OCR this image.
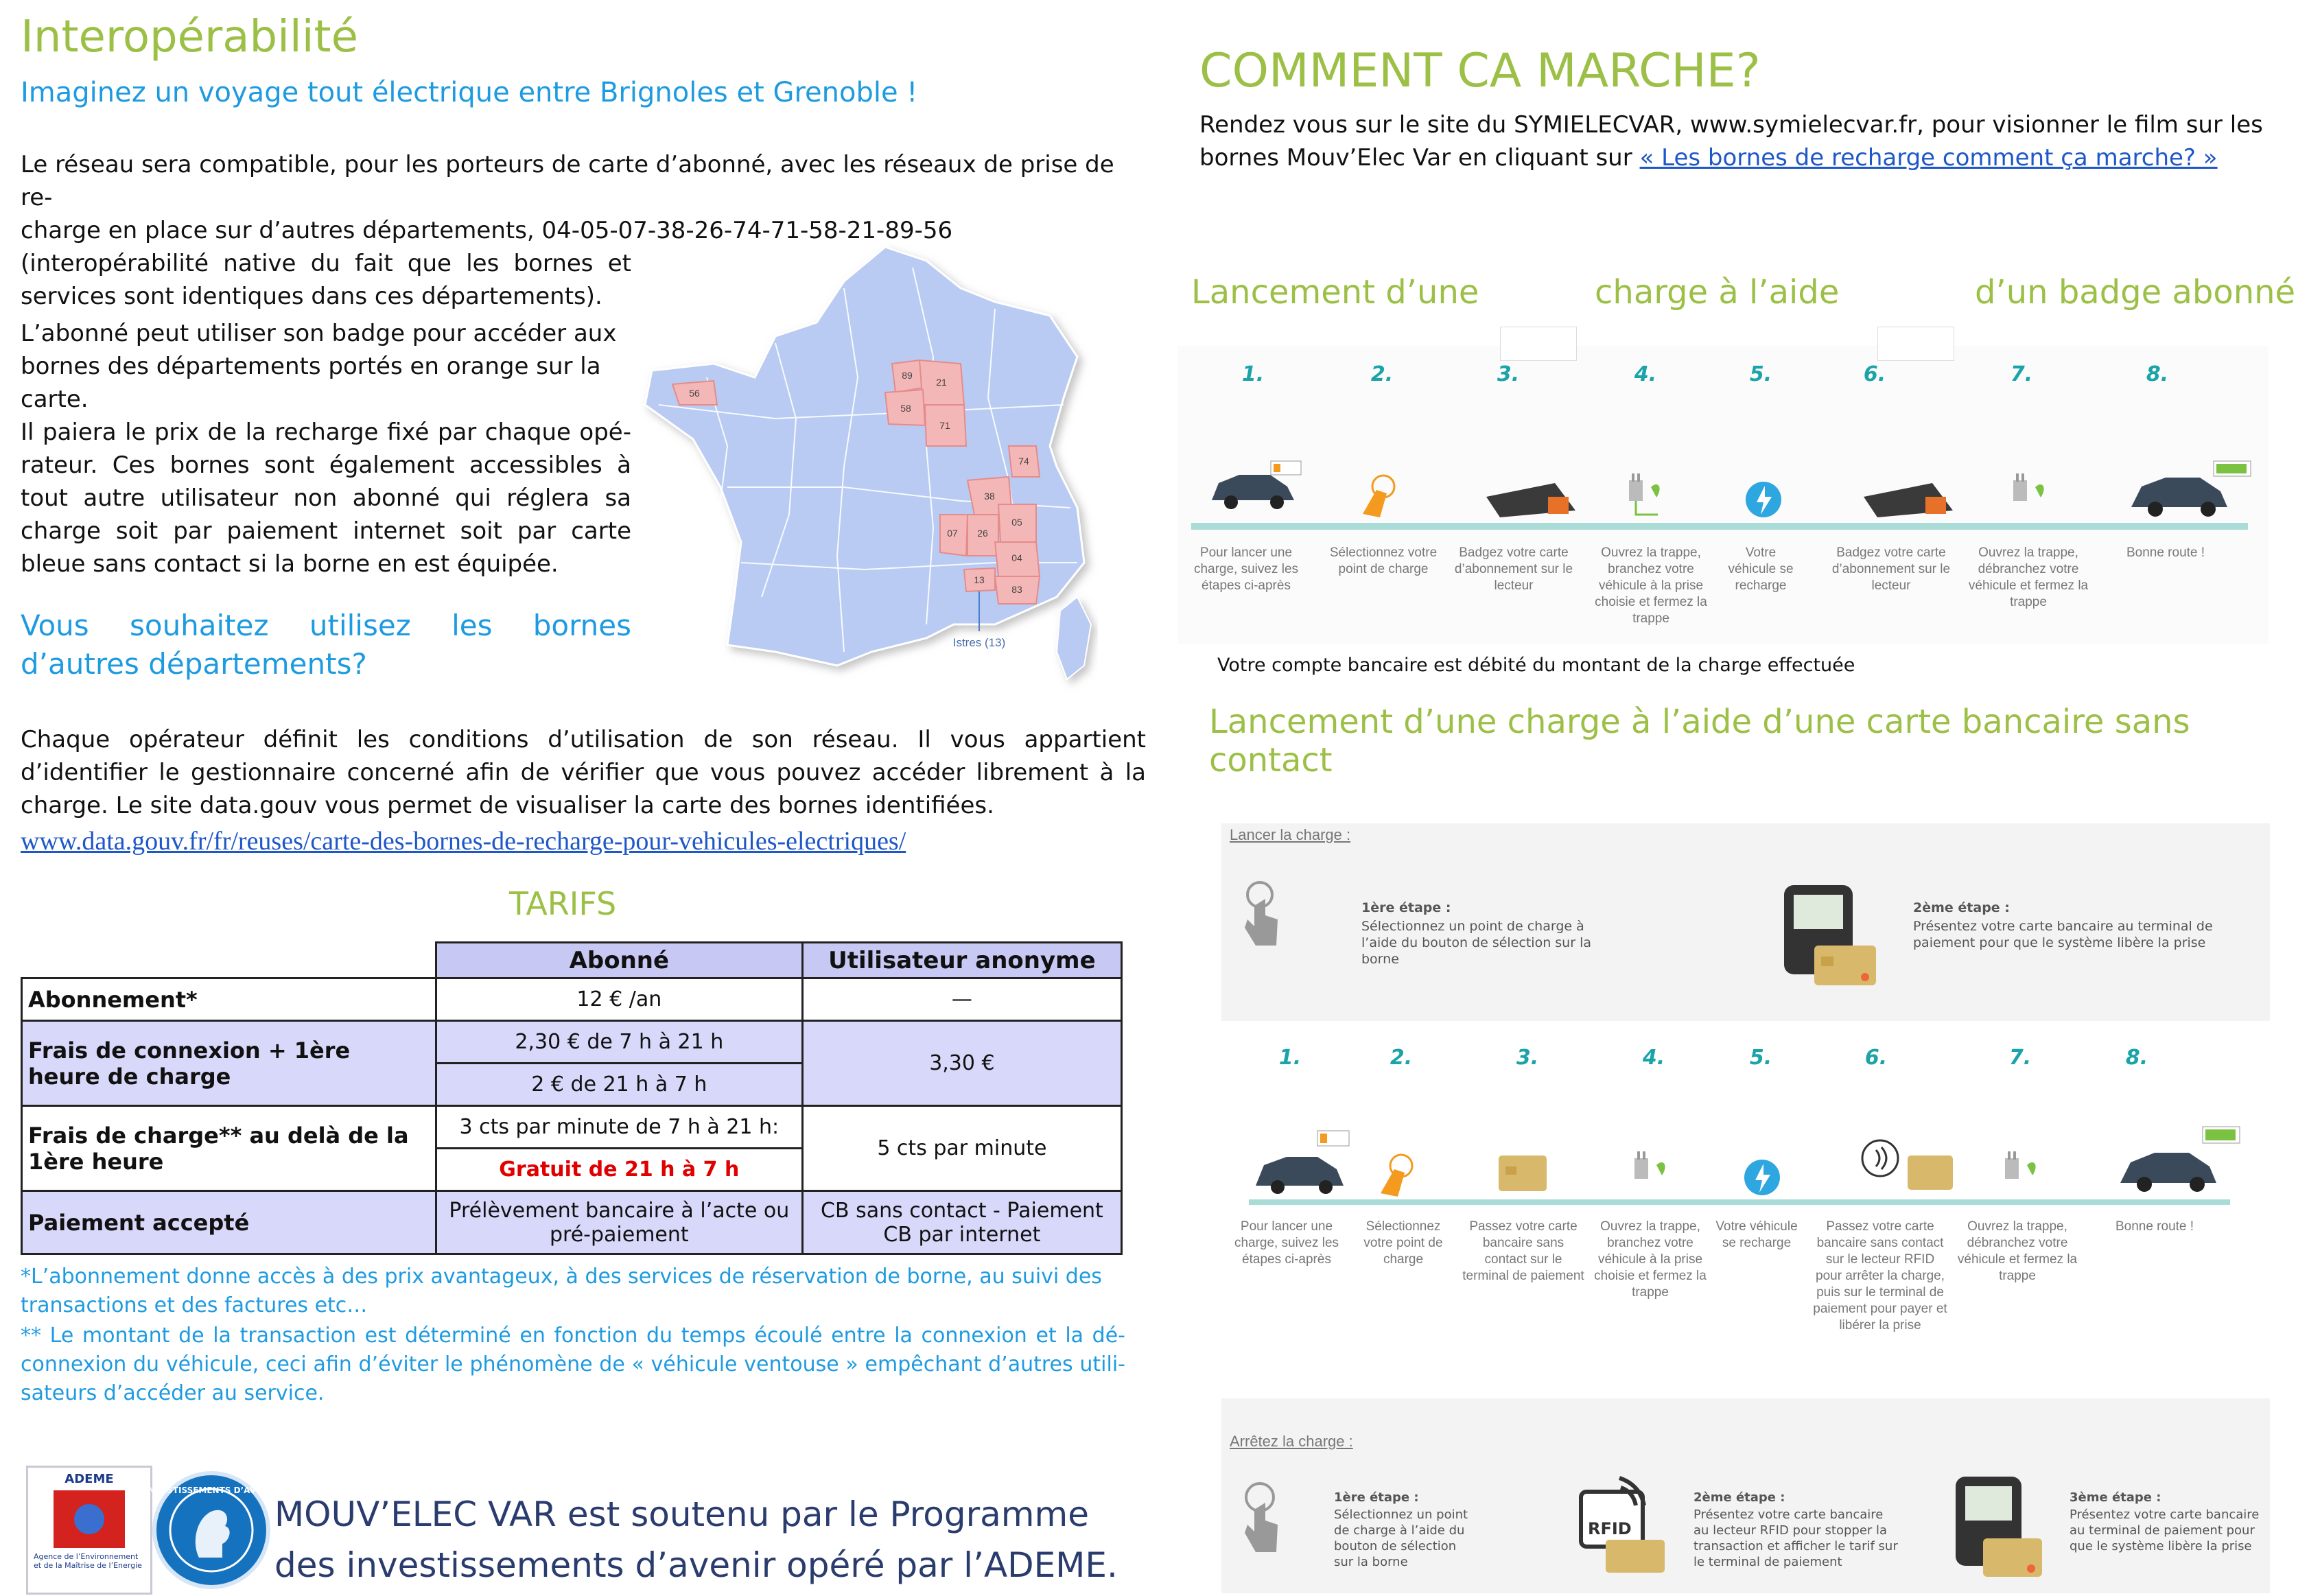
Interopérabilité
Imaginez un voyage tout électrique entre Brignoles et Grenoble !
Le réseau sera compatible, pour les porteurs de carte d’abonné, avec les réseaux de prise de re-
charge en place sur d’autres départements, 04-05-07-38-26-74-71-58-21-89-56
(interopérabilité native du fait que les bornes et
services sont identiques dans ces départements).
L’abonné peut utiliser son badge pour accéder aux
bornes des départements portés en orange sur la
carte.
Il paiera le prix de la recharge fixé par chaque opé-rateur. Ces bornes sont également accessibles à tout autre utilisateur non abonné qui réglera sa charge soit par paiement internet soit par carte bleue sans contact si la borne en est équipée.
Vous souhaitez utilisez les bornes d’autres départements?
56
89
21
58
71
74
38
07 26
05
04
13
83
Istres (13)
Chaque opérateur définit les conditions d’utilisation de son réseau. Il vous appartient d’identifier le gestionnaire concerné afin de vérifier que vous pouvez accéder librement à la charge. Le site data.gouv vous permet de visualiser la carte des bornes identifiées.
www.data.gouv.fr/fr/reuses/carte-des-bornes-de-recharge-pour-vehicules-electriques/
TARIFS
	Abonné	Utilisateur anonyme
Abonnement*	12 € /an	—
Frais de connexion + 1ère heure de charge	2,30 € de 7 h à 21 h	3,30 €
	2 € de 21 h à 7 h	
Frais de charge** au delà de la 1ère heure	3 cts par minute de 7 h à 21 h:	5 cts par minute
	Gratuit de 21 h à 7 h	
Paiement accepté	Prélèvement bancaire à l’acte ou pré-paiement	CB sans contact - Paiement CB par internet
*L’abonnement donne accès à des prix avantageux, à des services de réservation de borne, au suivi des transactions et des factures etc…
** Le montant de la transaction est déterminé en fonction du temps écoulé entre la connexion et la dé-connexion du véhicule, ceci afin d’éviter le phénomène de « véhicule ventouse » empêchant d’autres utili-sateurs d’accéder au service.
ADEME
Agence de l’Environnement et de la Maîtrise de l’Energie
INVESTISSEMENTS D’AVENIR
MOUV’ELEC VAR est soutenu par le Programme
des investissements d’avenir opéré par l’ADEME.
COMMENT CA MARCHE?
Rendez vous sur le site du SYMIELECVAR, www.symielecvar.fr, pour visionner le film sur les
bornes Mouv’Elec Var en cliquant sur « Les bornes de recharge comment ça marche? »
Lancement d’une	charge à l’aide	d’un badge abonné
1.	2.	3.	4.	5.	6.	7.	8.
Pour lancer une charge, suivez les étapes ci-après
Sélectionnez votre point de charge
Badgez votre carte d’abonnement sur le lecteur
Ouvrez la trappe, branchez votre véhicule à la prise choisie et fermez la trappe
Votre véhicule se recharge
Badgez votre carte d’abonnement sur le lecteur
Ouvrez la trappe, débranchez votre véhicule et fermez la trappe
Bonne route !
Votre compte bancaire est débité du montant de la charge effectuée
Lancement d’une charge à l’aide d’une carte bancaire sans contact
Lancer la charge :
1ère étape :
Sélectionnez un point de charge à l’aide du bouton de sélection sur la borne
2ème étape :
Présentez votre carte bancaire au terminal de paiement pour que le système libère la prise
1.	2.	3.	4.	5.	6.	7.	8.
Pour lancer une charge, suivez les étapes ci-après
Sélectionnez votre point de charge
Passez votre carte bancaire sans contact sur le terminal de paiement
Ouvrez la trappe, branchez votre véhicule à la prise choisie et fermez la trappe
Votre véhicule se recharge
Passez votre carte bancaire sans contact sur le lecteur RFID pour arrêter la charge, puis sur le terminal de paiement pour payer et libérer la prise
Ouvrez la trappe, débranchez votre véhicule et fermez la trappe
Bonne route !
Arrêtez la charge :
1ère étape :
Sélectionnez un point de charge à l’aide du bouton de sélection sur la borne
RFID
2ème étape :
Présentez votre carte bancaire au lecteur RFID pour stopper la transaction et afficher le tarif sur le terminal de paiement
3ème étape :
Présentez votre carte bancaire au terminal de paiement pour que le système libère la prise
